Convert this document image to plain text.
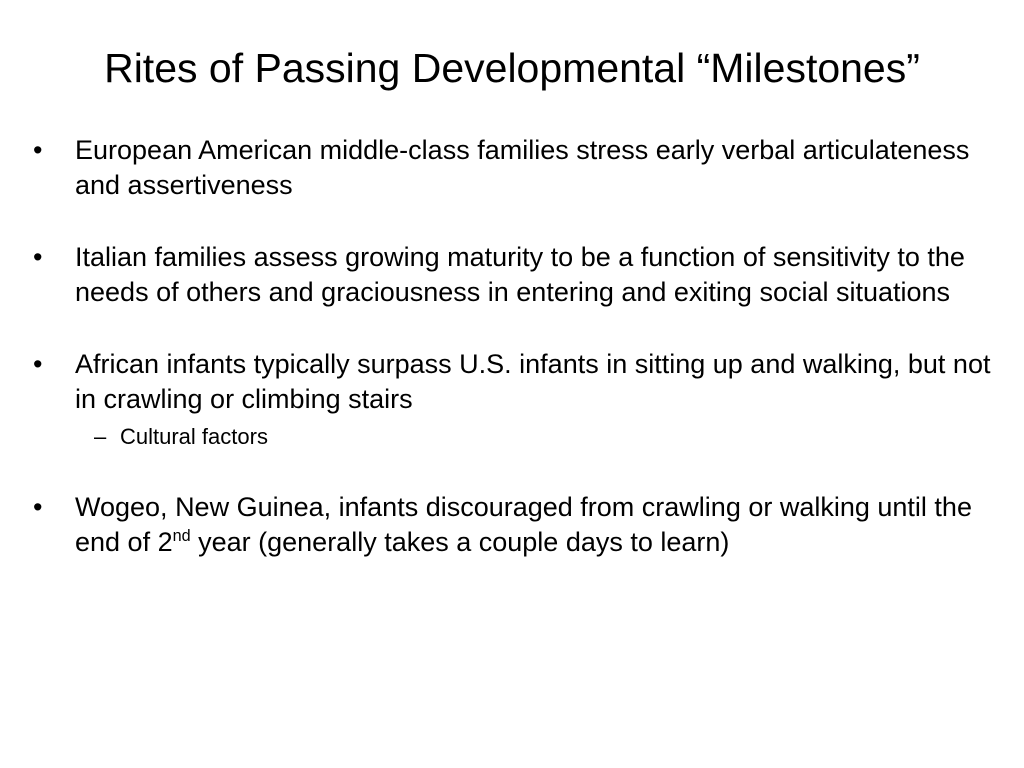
Rites of Passing Developmental “Milestones”
• European American middle-class families stress early verbal articulateness and assertiveness
• Italian families assess growing maturity to be a function of sensitivity to the needs of others and graciousness in entering and exiting social situations
• African infants typically surpass U.S. infants in sitting up and walking, but not in crawling or climbing stairs
– Cultural factors
• Wogeo, New Guinea, infants discouraged from crawling or walking until the end of 2nd year (generally takes a couple days to learn)
